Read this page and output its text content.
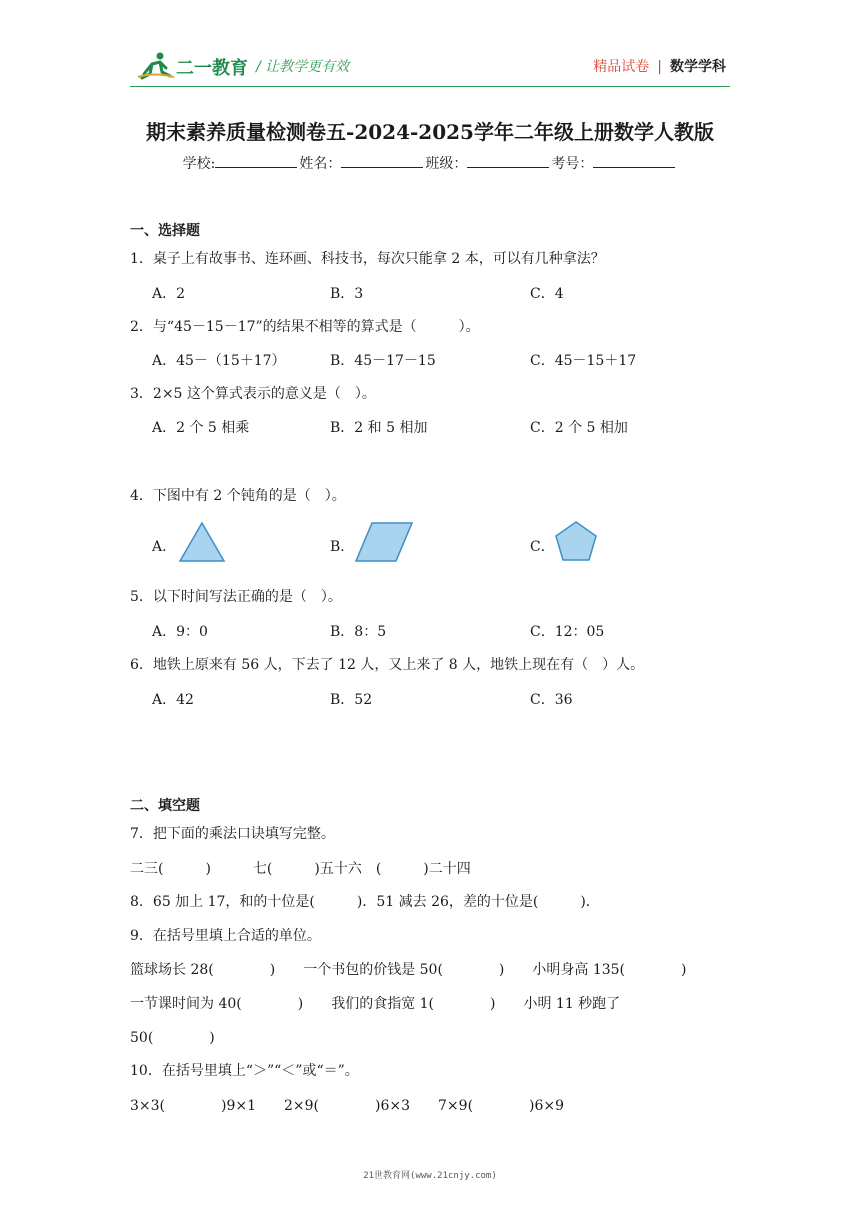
二一教育 / 让教学更有效	精品试卷 | 数学学科
期末素养质量检测卷五-2024-2025学年二年级上册数学人教版
学校:	姓名：	班级：	考号：
一、选择题
1．桌子上有故事书、连环画、科技书，每次只能拿 2 本，可以有几种拿法？
A．2	B．3	C．4
2．与“45－15－17”的结果不相等的算式是（　　　）。
A．45－（15＋17）	B．45－17－15	C．45－15＋17
3．2×5 这个算式表示的意义是（　）。
A．2 个 5 相乘	B．2 和 5 相加	C．2 个 5 相加
4．下图中有 2 个钝角的是（　）。
A．	B．	C．
5．以下时间写法正确的是（　）。
A．9：0	B．8：5	C．12：05
6．地铁上原来有 56 人，下去了 12 人，又上来了 8 人，地铁上现在有（　）人。
A．42	B．52	C．36
二、填空题
7．把下面的乘法口诀填写完整。
二三(　　　)　　　七(　　　)五十六　(　　　)二十四
8．65 加上 17，和的十位是(　　　)．51 减去 26，差的十位是(　　　)．
9．在括号里填上合适的单位。
篮球场长 28(　　　　)　　一个书包的价钱是 50(　　　　)　　小明身高 135(　　　　)
一节课时间为 40(　　　　)　　我们的食指宽 1(　　　　)　　小明 11 秒跑了
50(　　　　)
10．在括号里填上“＞”“＜”或“＝”。
3×3(　　　　)9×1　　2×9(　　　　)6×3　　7×9(　　　　)6×9
21世教育网(www.21cnjy.com)
